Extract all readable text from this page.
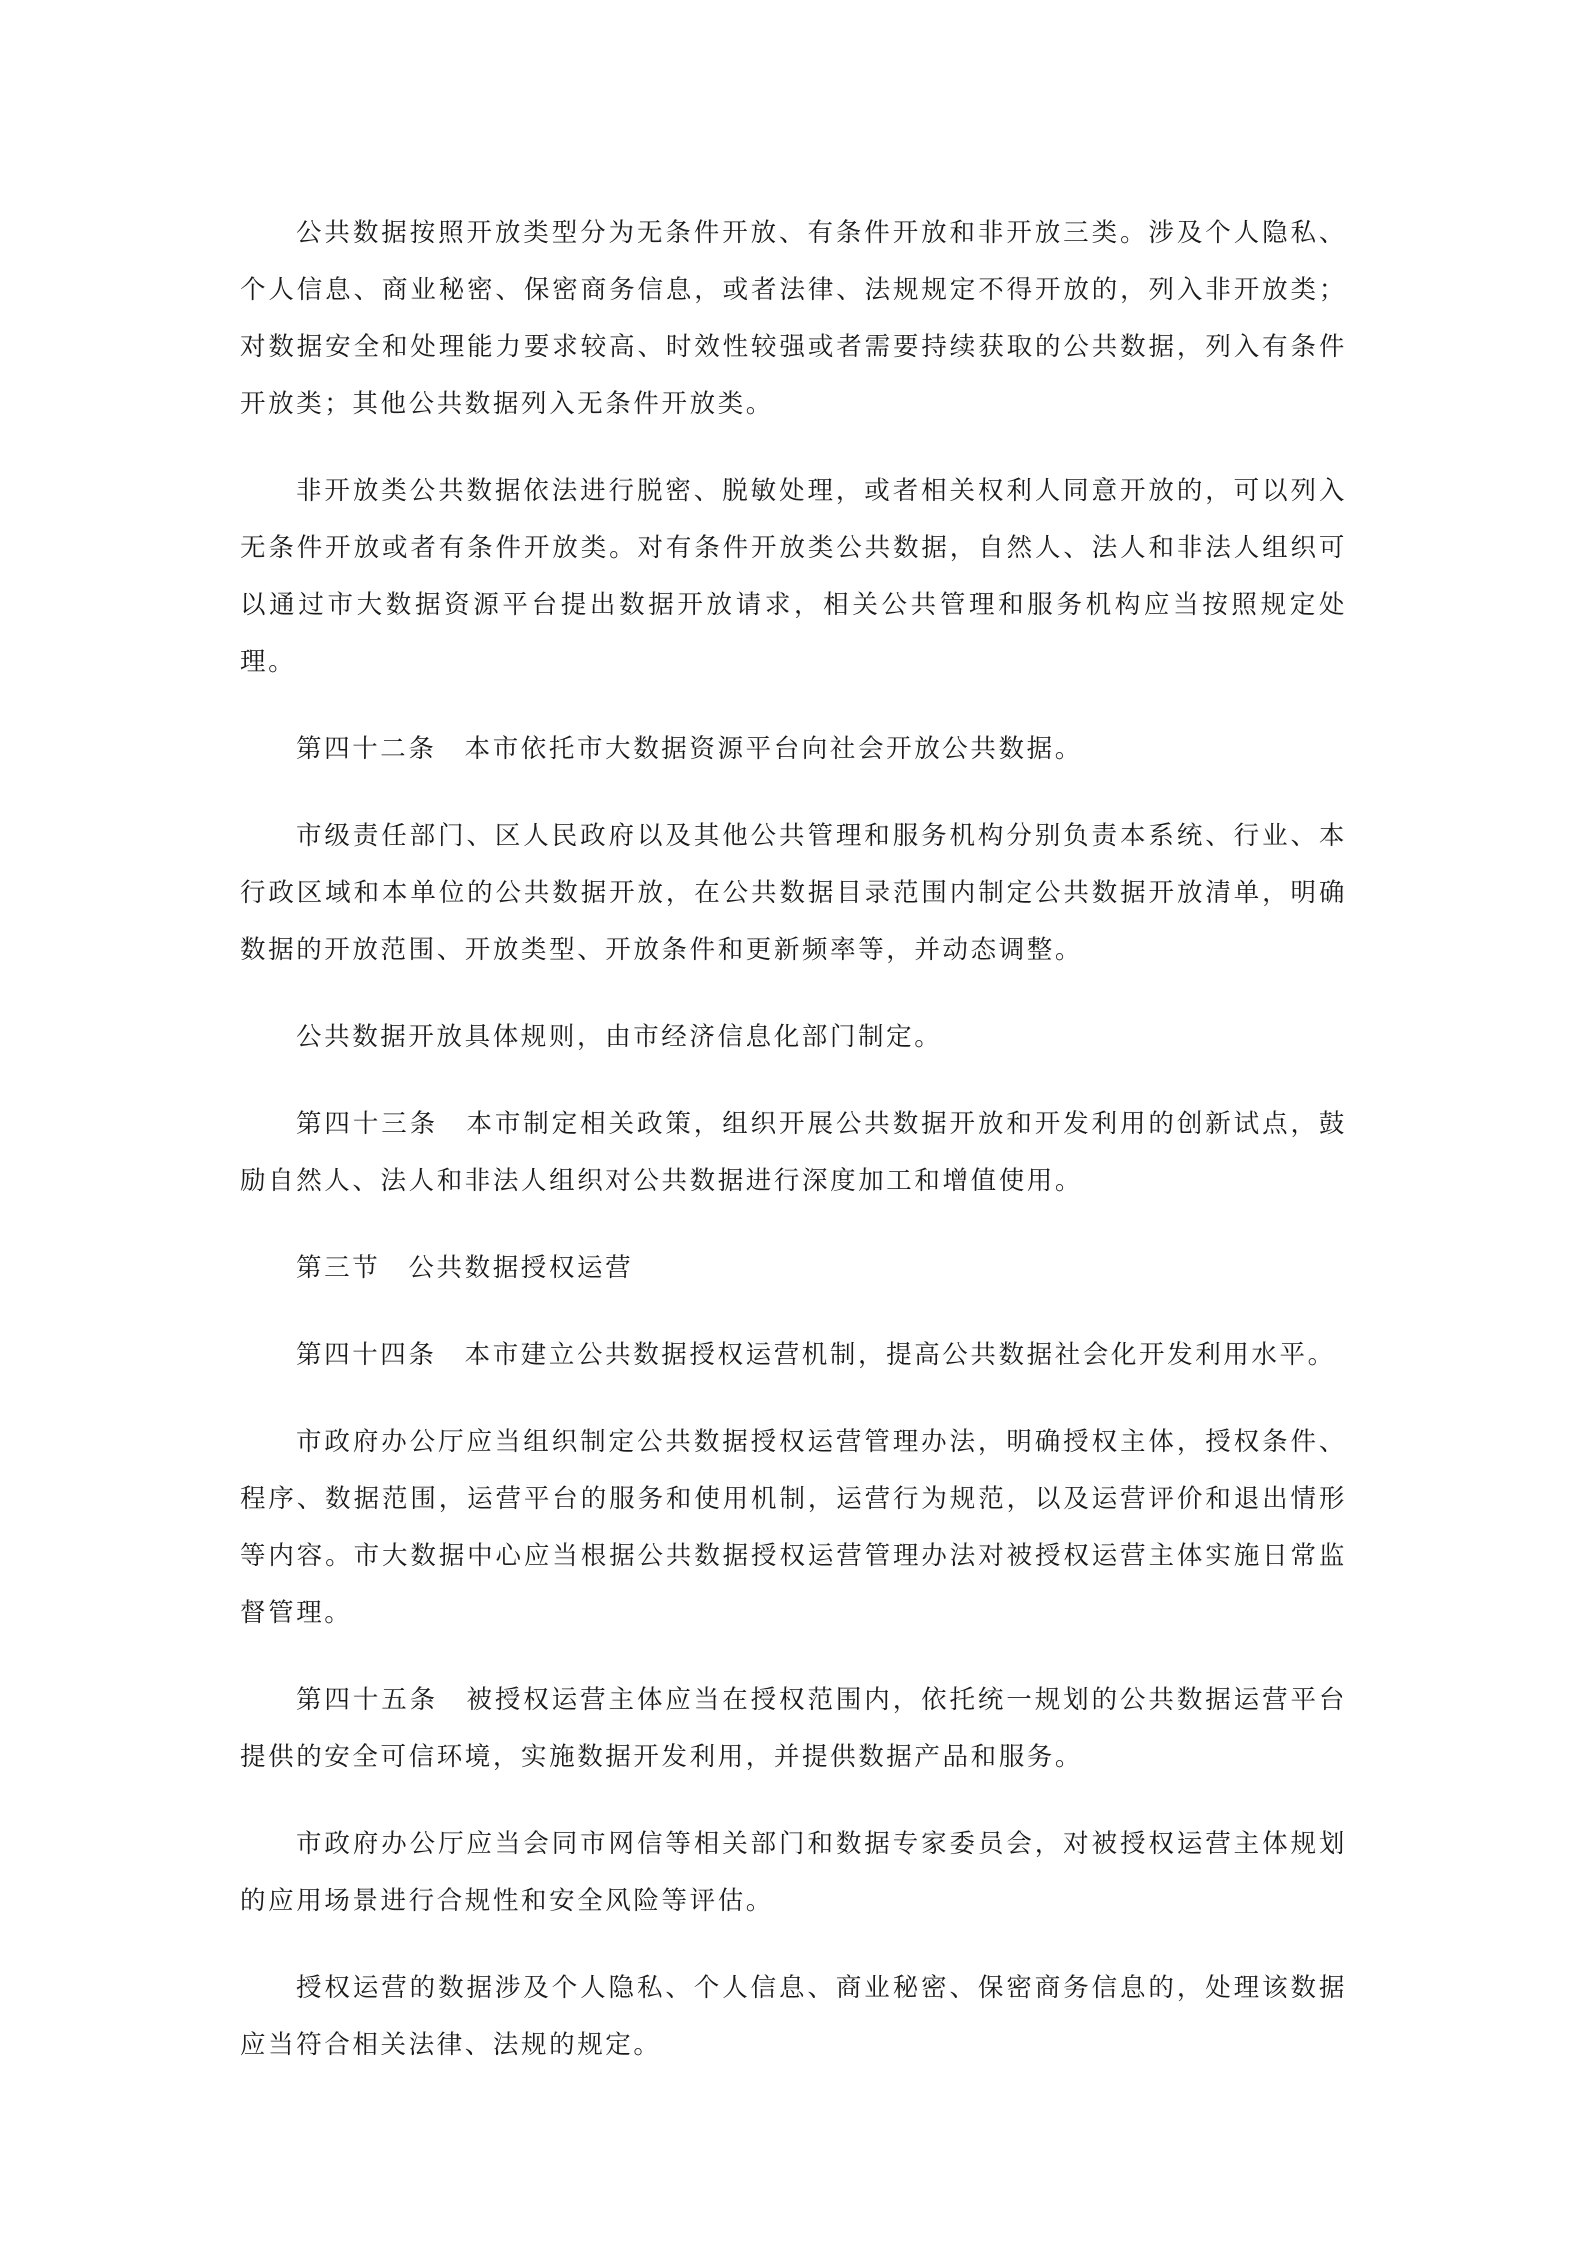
公共数据按照开放类型分为无条件开放、有条件开放和非开放三类。涉及个人隐私、个人信息、商业秘密、保密商务信息，或者法律、法规规定不得开放的，列入非开放类；对数据安全和处理能力要求较高、时效性较强或者需要持续获取的公共数据，列入有条件开放类；其他公共数据列入无条件开放类。

非开放类公共数据依法进行脱密、脱敏处理，或者相关权利人同意开放的，可以列入无条件开放或者有条件开放类。对有条件开放类公共数据，自然人、法人和非法人组织可以通过市大数据资源平台提出数据开放请求，相关公共管理和服务机构应当按照规定处理。

第四十二条　本市依托市大数据资源平台向社会开放公共数据。

市级责任部门、区人民政府以及其他公共管理和服务机构分别负责本系统、行业、本行政区域和本单位的公共数据开放，在公共数据目录范围内制定公共数据开放清单，明确数据的开放范围、开放类型、开放条件和更新频率等，并动态调整。

公共数据开放具体规则，由市经济信息化部门制定。

第四十三条　本市制定相关政策，组织开展公共数据开放和开发利用的创新试点，鼓励自然人、法人和非法人组织对公共数据进行深度加工和增值使用。

第三节　公共数据授权运营

第四十四条　本市建立公共数据授权运营机制，提高公共数据社会化开发利用水平。

市政府办公厅应当组织制定公共数据授权运营管理办法，明确授权主体，授权条件、程序、数据范围，运营平台的服务和使用机制，运营行为规范，以及运营评价和退出情形等内容。市大数据中心应当根据公共数据授权运营管理办法对被授权运营主体实施日常监督管理。

第四十五条　被授权运营主体应当在授权范围内，依托统一规划的公共数据运营平台提供的安全可信环境，实施数据开发利用，并提供数据产品和服务。

市政府办公厅应当会同市网信等相关部门和数据专家委员会，对被授权运营主体规划的应用场景进行合规性和安全风险等评估。

授权运营的数据涉及个人隐私、个人信息、商业秘密、保密商务信息的，处理该数据应当符合相关法律、法规的规定。
